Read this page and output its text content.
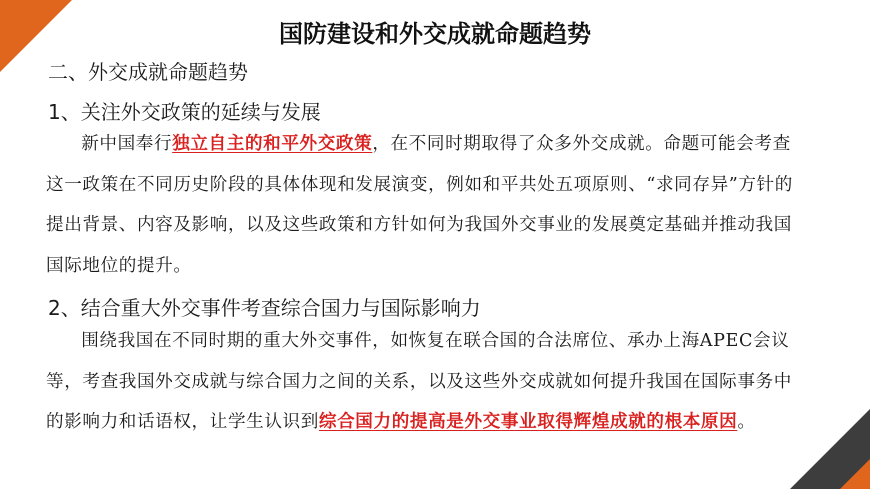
国防建设和外交成就命题趋势
二、外交成就命题趋势
1、关注外交政策的延续与发展
新中国奉行独立自主的和平外交政策，在不同时期取得了众多外交成就。命题可能会考查这一政策在不同历史阶段的具体体现和发展演变，例如和平共处五项原则、“求同存异”方针的提出背景、内容及影响，以及这些政策和方针如何为我国外交事业的发展奠定基础并推动我国国际地位的提升。
2、结合重大外交事件考查综合国力与国际影响力
围绕我国在不同时期的重大外交事件，如恢复在联合国的合法席位、承办上海APEC会议等，考查我国外交成就与综合国力之间的关系，以及这些外交成就如何提升我国在国际事务中的影响力和话语权，让学生认识到综合国力的提高是外交事业取得辉煌成就的根本原因。
